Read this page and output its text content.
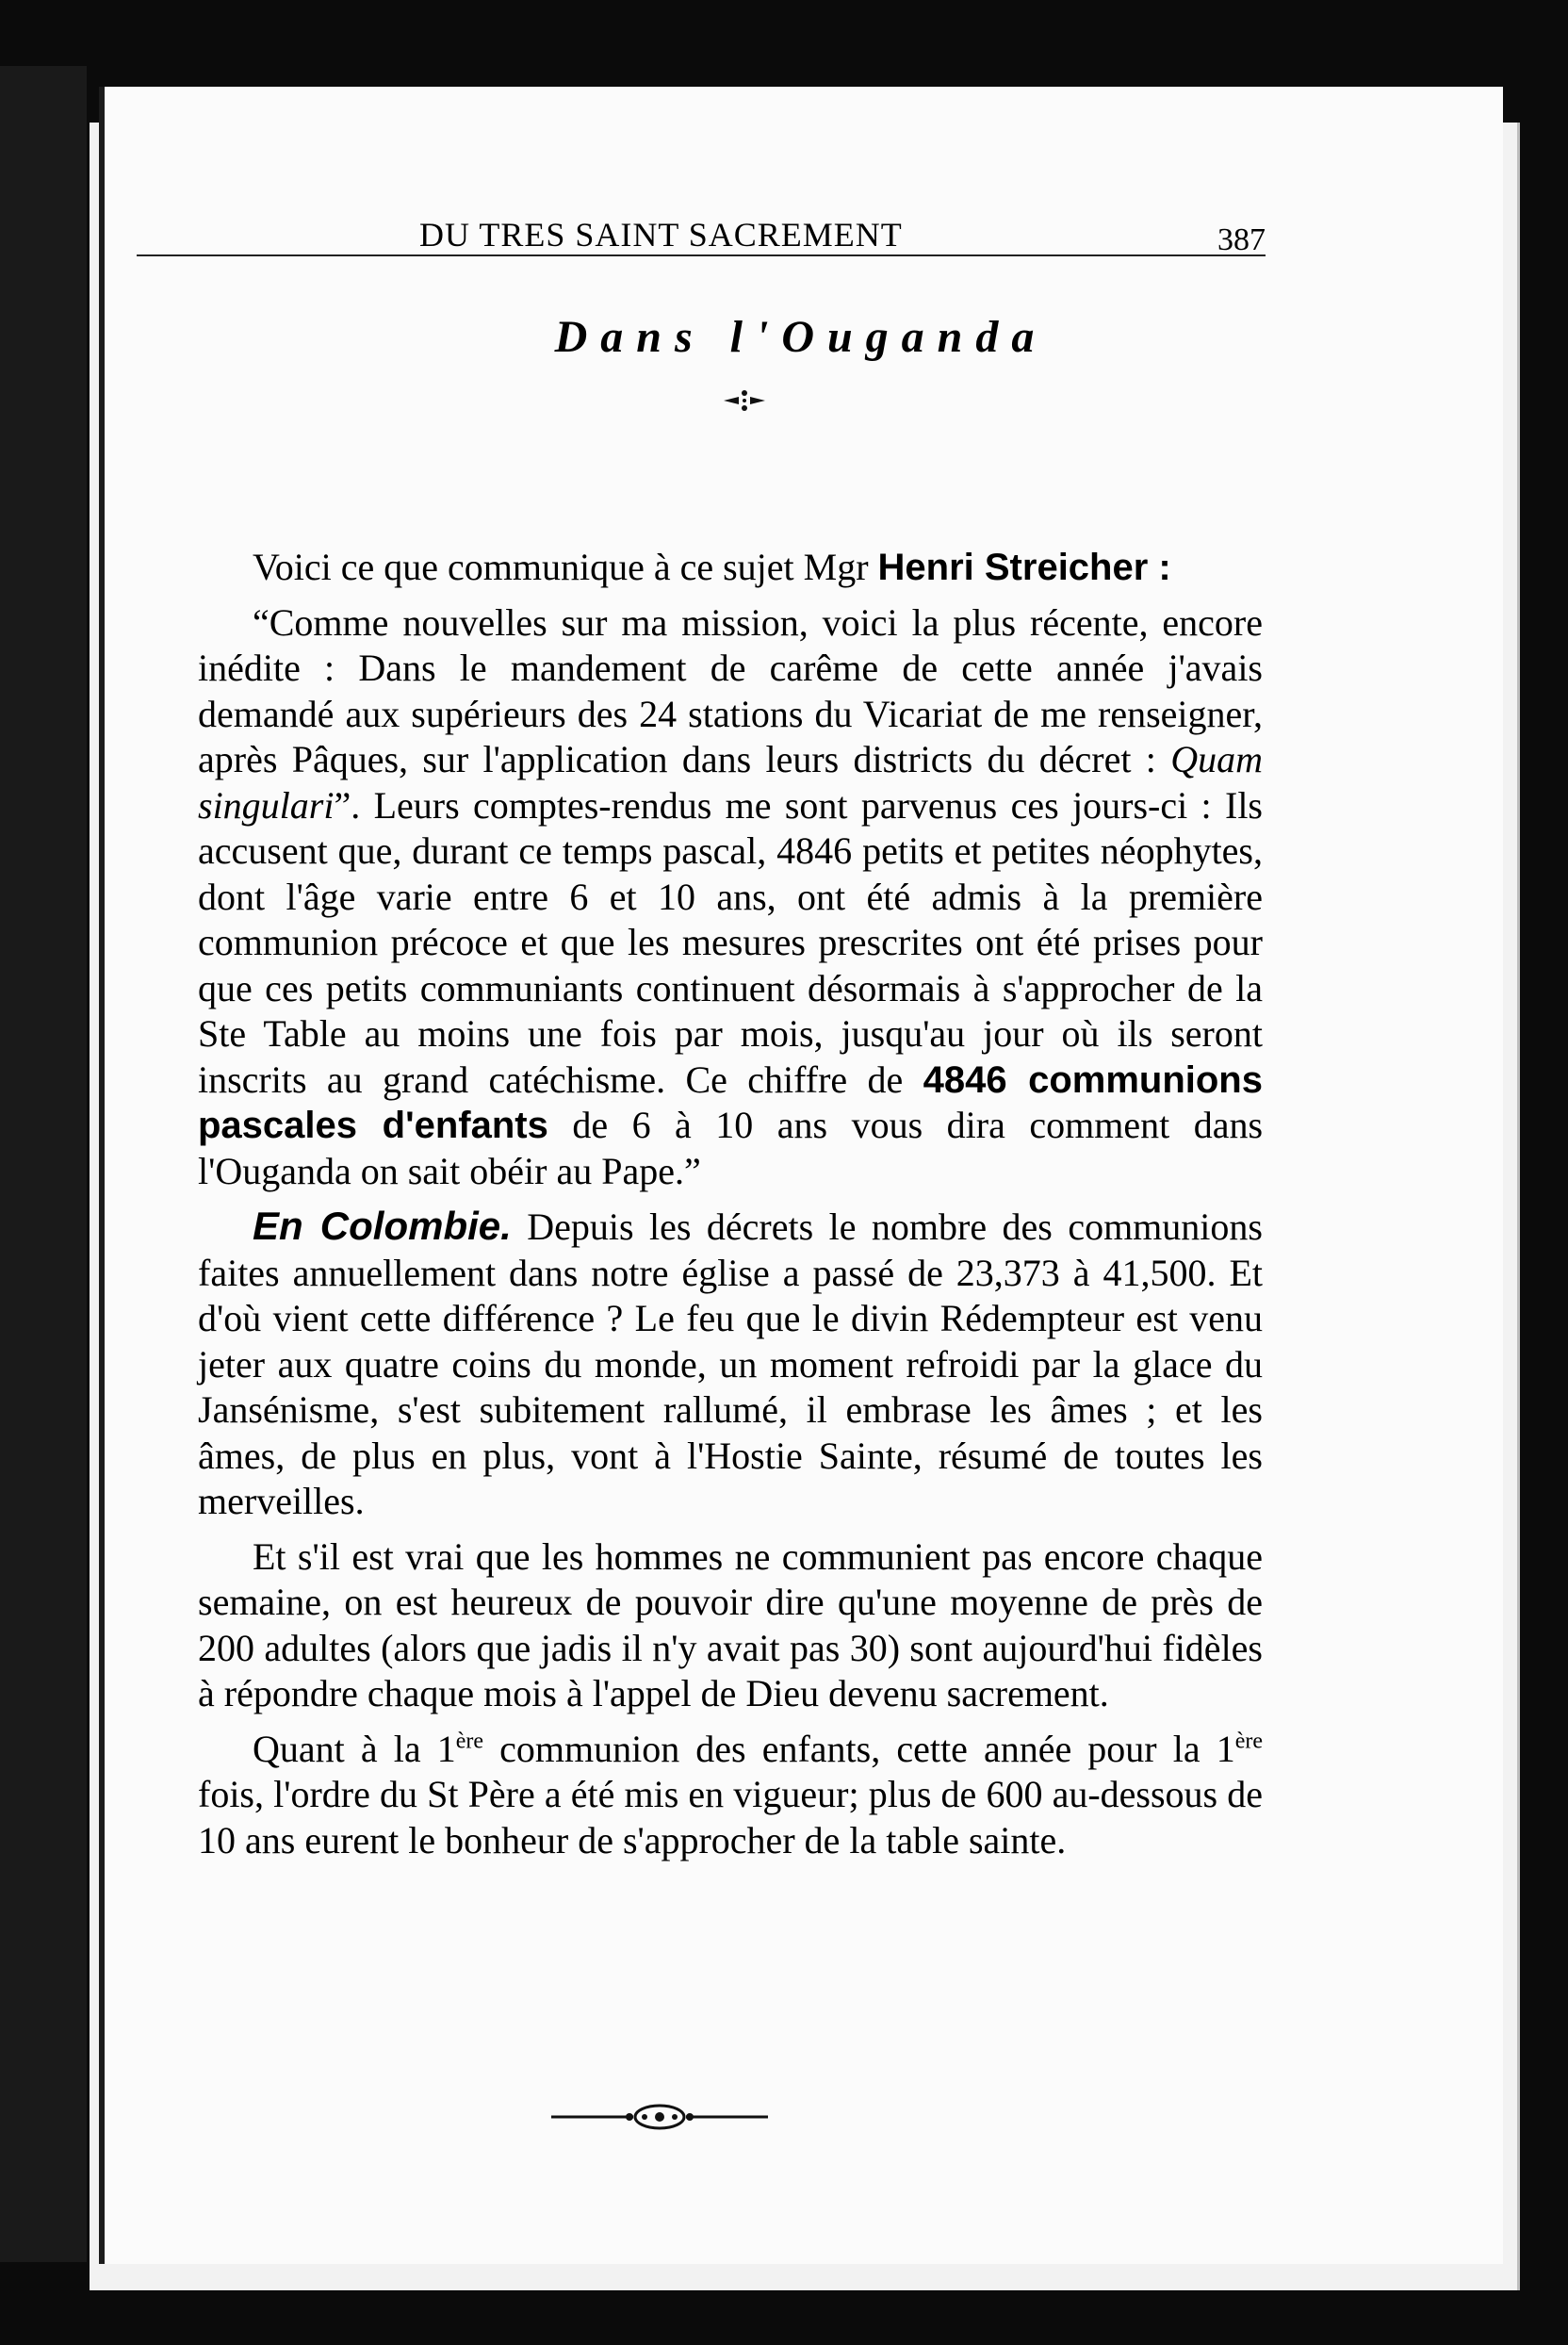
DU TRES SAINT SACREMENT	387
Dans l'Ouganda

Voici ce que communique à ce sujet Mgr Henri Streicher :

“Comme nouvelles sur ma mission, voici la plus récente, encore inédite : Dans le mandement de carême de cette année j'avais demandé aux supérieurs des 24 stations du Vicariat de me renseigner, après Pâques, sur l'application dans leurs districts du décret : Quam singulari”. Leurs comptes-rendus me sont parvenus ces jours-ci : Ils accusent que, durant ce temps pascal, 4846 petits et petites néophytes, dont l'âge varie entre 6 et 10 ans, ont été admis à la première communion précoce et que les mesures prescrites ont été prises pour que ces petits communiants continuent désormais à s'approcher de la Ste Table au moins une fois par mois, jusqu'au jour où ils seront inscrits au grand catéchisme. Ce chiffre de 4846 communions pascales d'enfants de 6 à 10 ans vous dira comment dans l'Ouganda on sait obéir au Pape.”

En Colombie. Depuis les décrets le nombre des communions faites annuellement dans notre église a passé de 23,373 à 41,500. Et d'où vient cette différence ? Le feu que le divin Rédempteur est venu jeter aux quatre coins du monde, un moment refroidi par la glace du Jansénisme, s'est subitement rallumé, il embrase les âmes ; et les âmes, de plus en plus, vont à l'Hostie Sainte, résumé de toutes les merveilles.

Et s'il est vrai que les hommes ne communient pas encore chaque semaine, on est heureux de pouvoir dire qu'une moyenne de près de 200 adultes (alors que jadis il n'y avait pas 30) sont aujourd'hui fidèles à répondre chaque mois à l'appel de Dieu devenu sacrement.

Quant à la 1ère communion des enfants, cette année pour la 1ère fois, l'ordre du St Père a été mis en vigueur; plus de 600 au-dessous de 10 ans eurent le bonheur de s'approcher de la table sainte.
